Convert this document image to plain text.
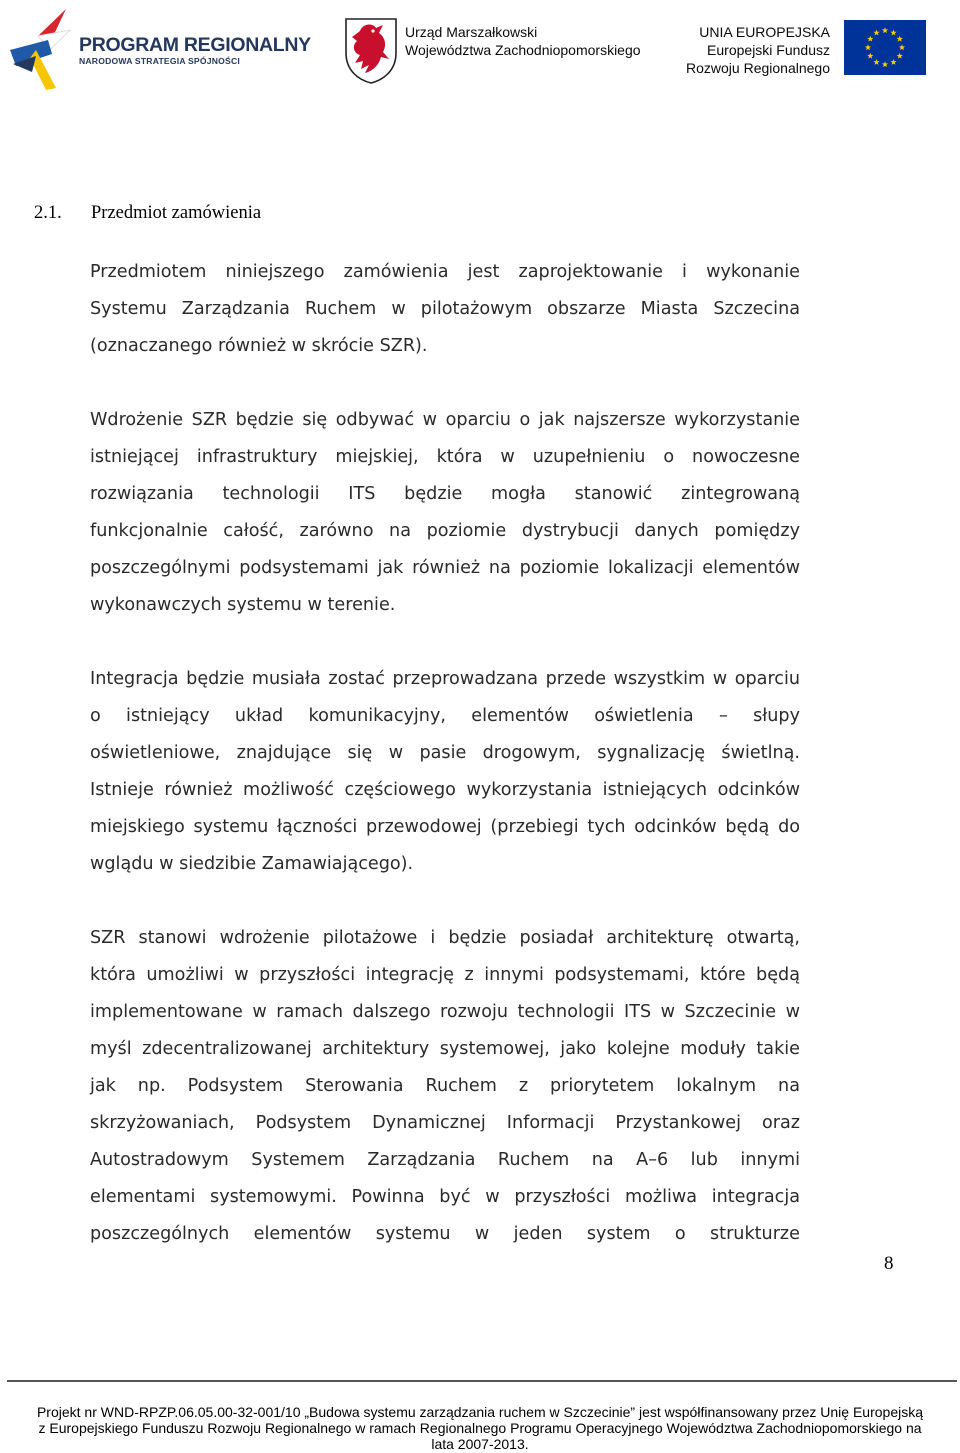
PROGRAM REGIONALNY
NARODOWA STRATEGIA SPÓJNOŚCI
Urząd Marszałkowski
Województwa Zachodniopomorskiego
UNIA EUROPEJSKA
Europejski Fundusz
Rozwoju Regionalnego
2.1. Przedmiot zamówienia
Przedmiotem niniejszego zamówienia jest zaprojektowanie i wykonanie
Systemu Zarządzania Ruchem w pilotażowym obszarze Miasta Szczecina
(oznaczanego również w skrócie SZR).
Wdrożenie SZR będzie się odbywać w oparciu o jak najszersze wykorzystanie
istniejącej infrastruktury miejskiej, która w uzupełnieniu o nowoczesne
rozwiązania technologii ITS będzie mogła stanowić zintegrowaną
funkcjonalnie całość, zarówno na poziomie dystrybucji danych pomiędzy
poszczególnymi podsystemami jak również na poziomie lokalizacji elementów
wykonawczych systemu w terenie.
Integracja będzie musiała zostać przeprowadzana przede wszystkim w oparciu
o istniejący układ komunikacyjny, elementów oświetlenia – słupy
oświetleniowe, znajdujące się w pasie drogowym, sygnalizację świetlną.
Istnieje również możliwość częściowego wykorzystania istniejących odcinków
miejskiego systemu łączności przewodowej (przebiegi tych odcinków będą do
wglądu w siedzibie Zamawiającego).
SZR stanowi wdrożenie pilotażowe i będzie posiadał architekturę otwartą,
która umożliwi w przyszłości integrację z innymi podsystemami, które będą
implementowane w ramach dalszego rozwoju technologii ITS w Szczecinie w
myśl zdecentralizowanej architektury systemowej, jako kolejne moduły takie
jak np. Podsystem Sterowania Ruchem z priorytetem lokalnym na
skrzyżowaniach, Podsystem Dynamicznej Informacji Przystankowej oraz
Autostradowym Systemem Zarządzania Ruchem na A–6 lub innymi
elementami systemowymi. Powinna być w przyszłości możliwa integracja
poszczególnych elementów systemu w jeden system o strukturze
8
Projekt nr WND-RPZP.06.05.00-32-001/10 „Budowa systemu zarządzania ruchem w Szczecinie” jest współfinansowany przez Unię Europejską
z Europejskiego Funduszu Rozwoju Regionalnego w ramach Regionalnego Programu Operacyjnego Województwa Zachodniopomorskiego na
lata 2007-2013.
